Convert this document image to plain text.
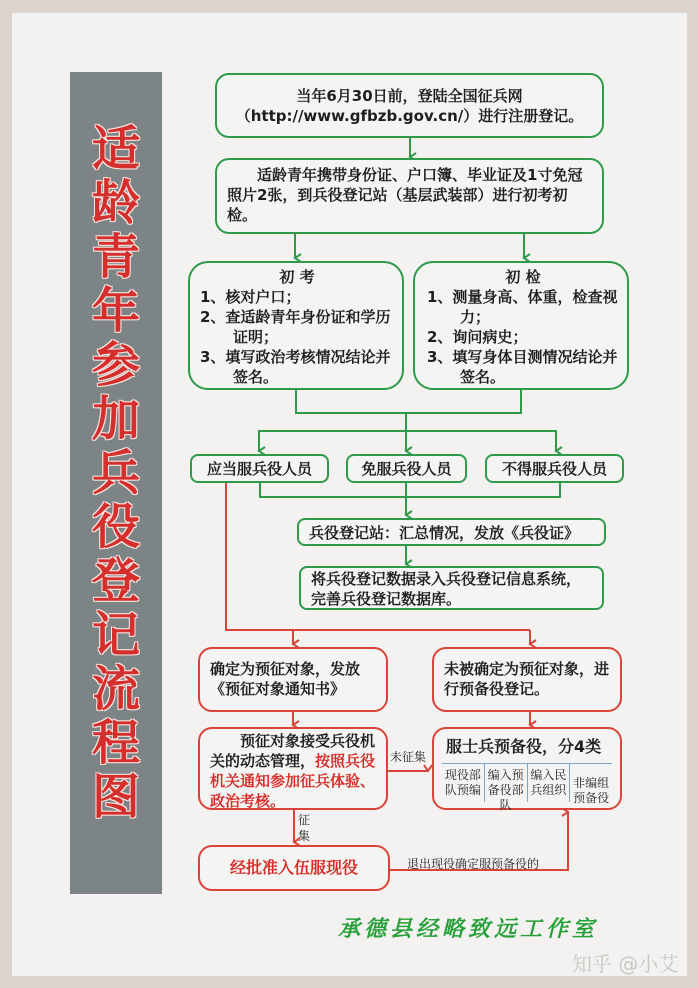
适
龄
青
年
参
加
兵
役
登
记
流
程
图
当年6月30日前，登陆全国征兵网
（http://www.gfbzb.gov.cn/）进行注册登记。
适龄青年携带身份证、户口簿、毕业证及1寸免冠照片2张，到兵役登记站（基层武装部）进行初考初检。
初 考
1、核对户口；
2、查适龄青年身份证和学历证明；
3、填写政治考核情况结论并签名。
初 检
1、测量身高、体重，检查视力；
2、询问病史；
3、填写身体目测情况结论并签名。
应当服兵役人员	免服兵役人员	不得服兵役人员
兵役登记站：汇总情况，发放《兵役证》
将兵役登记数据录入兵役登记信息系统，完善兵役登记数据库。
确定为预征对象，发放《预征对象通知书》
未被确定为预征对象，进行预备役登记。
预征对象接受兵役机关的动态管理，按照兵役机关通知参加征兵体验、政治考核。
服士兵预备役，分4类
现役部队预编
编入预备役部队
编入民兵组织 非编组预备役
经批准入伍服现役
未征集
征集
退出现役确定服预备役的
承德县经略致远工作室
知乎 @小艾
